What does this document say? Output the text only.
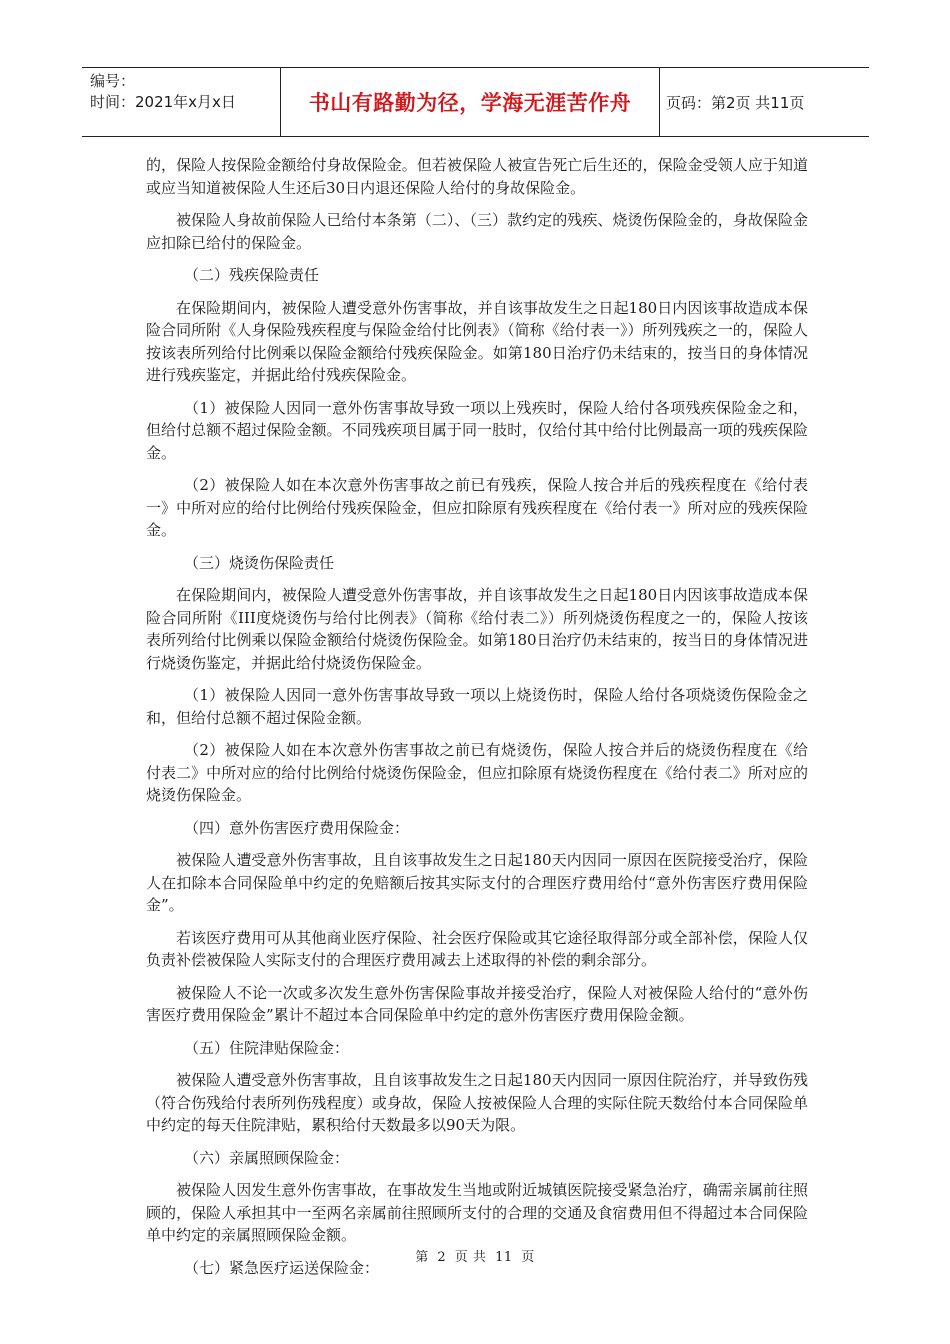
编号：
时间：2021年x月x日	书山有路勤为径，学海无涯苦作舟	页码：第2页 共11页

的，保险人按保险金额给付身故保险金。但若被保险人被宣告死亡后生还的，保险金受领人应于知道或应当知道被保险人生还后30日内退还保险人给付的身故保险金。

被保险人身故前保险人已给付本条第（二）、（三）款约定的残疾、烧烫伤保险金的，身故保险金应扣除已给付的保险金。

（二）残疾保险责任

在保险期间内，被保险人遭受意外伤害事故，并自该事故发生之日起180日内因该事故造成本保险合同所附《人身保险残疾程度与保险金给付比例表》（简称《给付表一》）所列残疾之一的，保险人按该表所列给付比例乘以保险金额给付残疾保险金。如第180日治疗仍未结束的，按当日的身体情况进行残疾鉴定，并据此给付残疾保险金。

（1）被保险人因同一意外伤害事故导致一项以上残疾时，保险人给付各项残疾保险金之和，但给付总额不超过保险金额。不同残疾项目属于同一肢时，仅给付其中给付比例最高一项的残疾保险金。

（2）被保险人如在本次意外伤害事故之前已有残疾，保险人按合并后的残疾程度在《给付表一》中所对应的给付比例给付残疾保险金，但应扣除原有残疾程度在《给付表一》所对应的残疾保险金。

（三）烧烫伤保险责任

在保险期间内，被保险人遭受意外伤害事故，并自该事故发生之日起180日内因该事故造成本保险合同所附《III度烧烫伤与给付比例表》（简称《给付表二》）所列烧烫伤程度之一的，保险人按该表所列给付比例乘以保险金额给付烧烫伤保险金。如第180日治疗仍未结束的，按当日的身体情况进行烧烫伤鉴定，并据此给付烧烫伤保险金。

（1）被保险人因同一意外伤害事故导致一项以上烧烫伤时，保险人给付各项烧烫伤保险金之和，但给付总额不超过保险金额。

（2）被保险人如在本次意外伤害事故之前已有烧烫伤，保险人按合并后的烧烫伤程度在《给付表二》中所对应的给付比例给付烧烫伤保险金，但应扣除原有烧烫伤程度在《给付表二》所对应的烧烫伤保险金。

（四）意外伤害医疗费用保险金：

被保险人遭受意外伤害事故，且自该事故发生之日起180天内因同一原因在医院接受治疗，保险人在扣除本合同保险单中约定的免赔额后按其实际支付的合理医疗费用给付“意外伤害医疗费用保险金”。

若该医疗费用可从其他商业医疗保险、社会医疗保险或其它途径取得部分或全部补偿，保险人仅负责补偿被保险人实际支付的合理医疗费用减去上述取得的补偿的剩余部分。

被保险人不论一次或多次发生意外伤害保险事故并接受治疗，保险人对被保险人给付的“意外伤害医疗费用保险金”累计不超过本合同保险单中约定的意外伤害医疗费用保险金额。

（五）住院津贴保险金：

被保险人遭受意外伤害事故，且自该事故发生之日起180天内因同一原因住院治疗，并导致伤残（符合伤残给付表所列伤残程度）或身故，保险人按被保险人合理的实际住院天数给付本合同保险单中约定的每天住院津贴，累积给付天数最多以90天为限。

（六）亲属照顾保险金：

被保险人因发生意外伤害事故，在事故发生当地或附近城镇医院接受紧急治疗，确需亲属前往照顾的，保险人承担其中一至两名亲属前往照顾所支付的合理的交通及食宿费用但不得超过本合同保险单中约定的亲属照顾保险金额。

（七）紧急医疗运送保险金：

第 2 页 共 11 页
